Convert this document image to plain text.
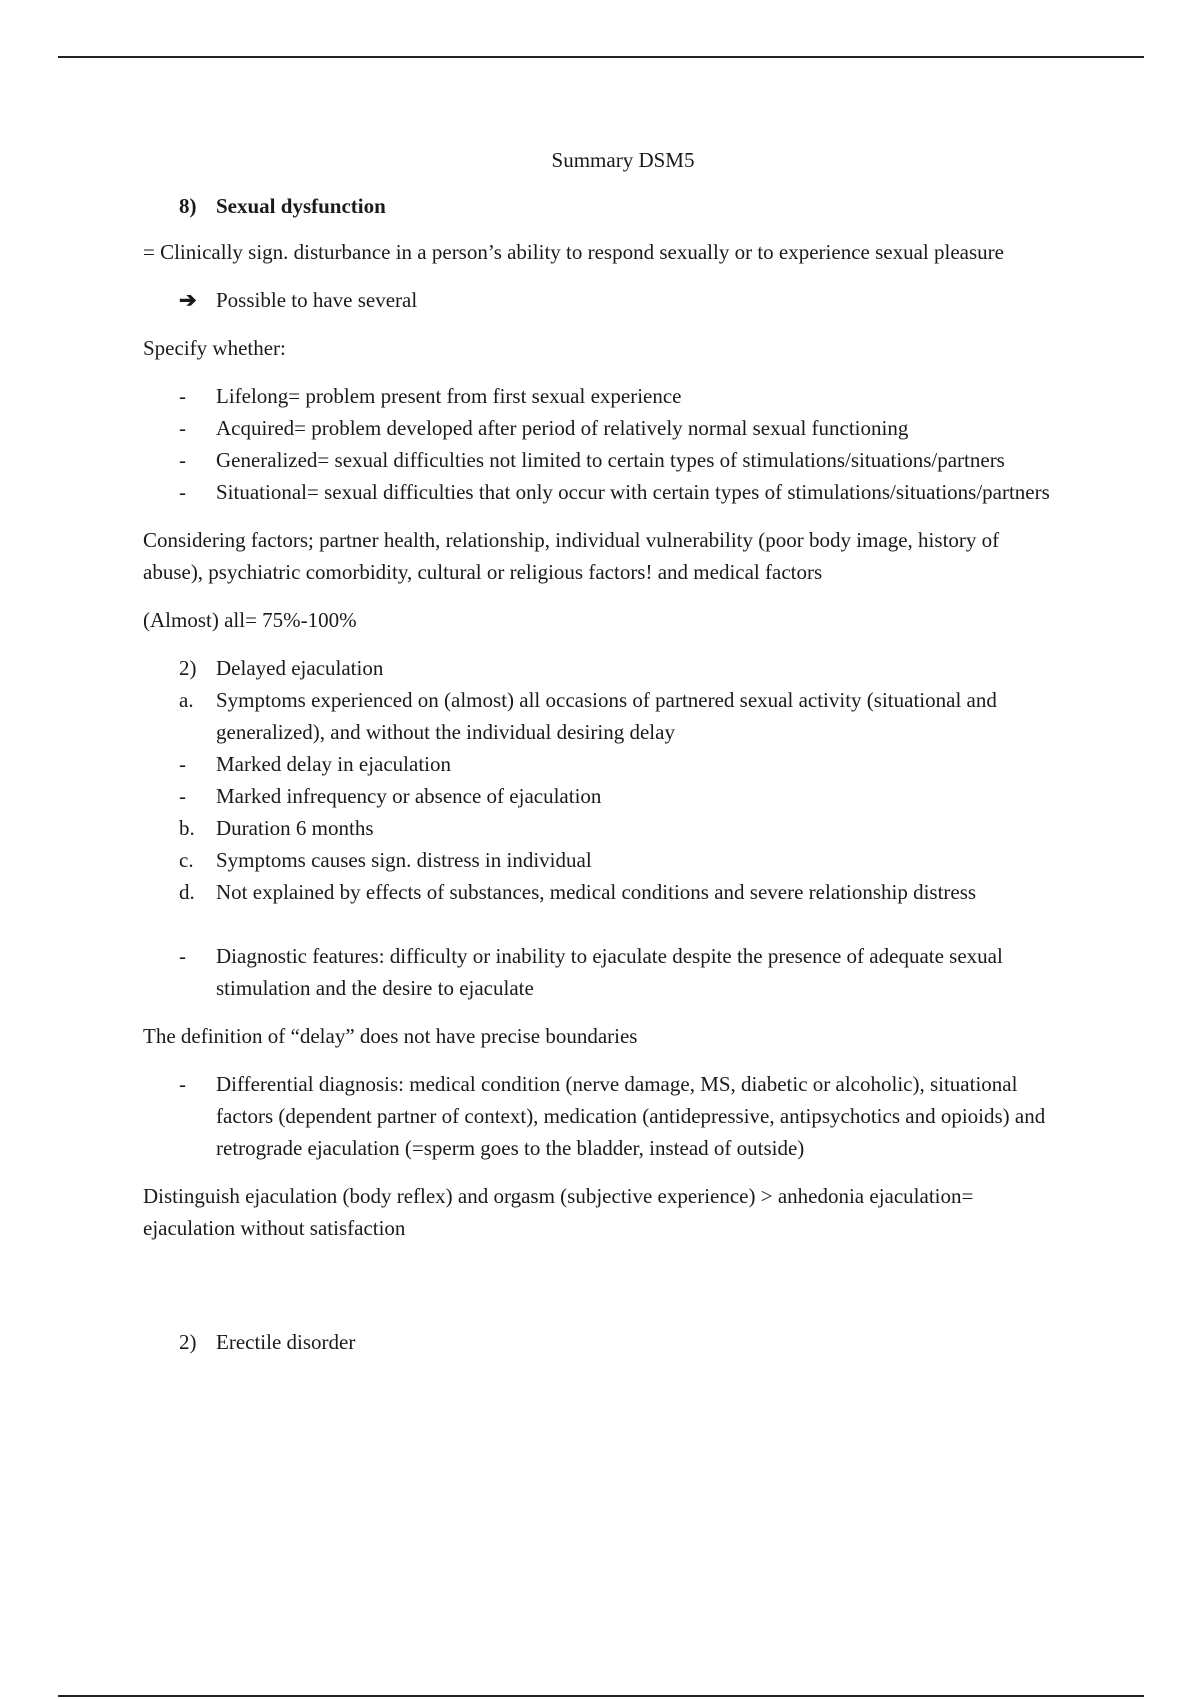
Summary DSM5
8) Sexual dysfunction

= Clinically sign. disturbance in a person’s ability to respond sexually or to experience sexual pleasure

➔ Possible to have several

Specify whether:

- Lifelong= problem present from first sexual experience
- Acquired= problem developed after period of relatively normal sexual functioning
- Generalized= sexual difficulties not limited to certain types of stimulations/situations/partners
- Situational= sexual difficulties that only occur with certain types of stimulations/situations/partners

Considering factors; partner health, relationship, individual vulnerability (poor body image, history of abuse), psychiatric comorbidity, cultural or religious factors! and medical factors

(Almost) all= 75%-100%

2) Delayed ejaculation
a. Symptoms experienced on (almost) all occasions of partnered sexual activity (situational and generalized), and without the individual desiring delay
- Marked delay in ejaculation
- Marked infrequency or absence of ejaculation
b. Duration 6 months
c. Symptoms causes sign. distress in individual
d. Not explained by effects of substances, medical conditions and severe relationship distress
- Diagnostic features: difficulty or inability to ejaculate despite the presence of adequate sexual stimulation and the desire to ejaculate

The definition of “delay” does not have precise boundaries

- Differential diagnosis: medical condition (nerve damage, MS, diabetic or alcoholic), situational factors (dependent partner of context), medication (antidepressive, antipsychotics and opioids) and retrograde ejaculation (=sperm goes to the bladder, instead of outside)

Distinguish ejaculation (body reflex) and orgasm (subjective experience) > anhedonia ejaculation= ejaculation without satisfaction

2) Erectile disorder
